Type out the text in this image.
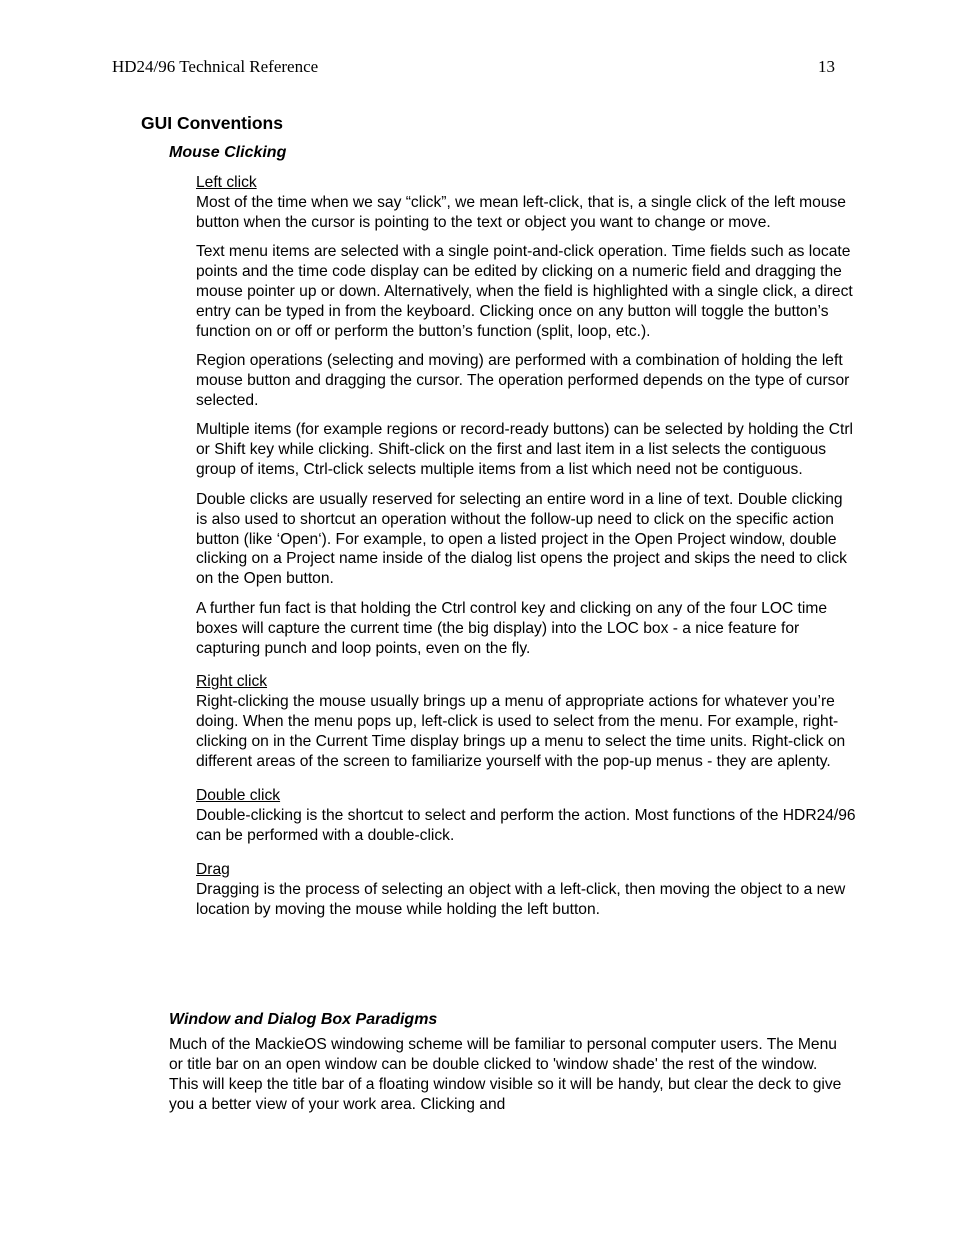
HD24/96 Technical Reference	13
GUI Conventions
Mouse Clicking
Left click

Most of the time when we say “click”, we mean left-click, that is, a single click of the left mouse button when the cursor is pointing to the text or object you want to change or move.

Text menu items are selected with a single point-and-click operation. Time fields such as locate points and the time code display can be edited by clicking on a numeric field and dragging the mouse pointer up or down. Alternatively, when the field is highlighted with a single click, a direct entry can be typed in from the keyboard. Clicking once on any button will toggle the button’s function on or off or perform the button’s function (split, loop, etc.).

Region operations (selecting and moving) are performed with a combination of holding the left mouse button and dragging the cursor. The operation performed depends on the type of cursor selected.

Multiple items (for example regions or record-ready buttons) can be selected by holding the Ctrl or Shift key while clicking. Shift-click on the first and last item in a list selects the contiguous group of items, Ctrl-click selects multiple items from a list which need not be contiguous.

Double clicks are usually reserved for selecting an entire word in a line of text. Double clicking is also used to shortcut an operation without the follow-up need to click on the specific action button (like ‘Open‘). For example, to open a listed project in the Open Project window, double clicking on a Project name inside of the dialog list opens the project and skips the need to click on the Open button.

A further fun fact is that holding the Ctrl control key and clicking on any of the four LOC time boxes will capture the current time (the big display) into the LOC box - a nice feature for capturing punch and loop points, even on the fly.

Right click

Right-clicking the mouse usually brings up a menu of appropriate actions for whatever you’re doing. When the menu pops up, left-click is used to select from the menu. For example, right-clicking on in the Current Time display brings up a menu to select the time units. Right-click on different areas of the screen to familiarize yourself with the pop-up menus - they are aplenty.

Double click

Double-clicking is the shortcut to select and perform the action. Most functions of the HDR24/96 can be performed with a double-click.

Drag

Dragging is the process of selecting an object with a left-click, then moving the object to a new location by moving the mouse while holding the left button.

Window and Dialog Box Paradigms

Much of the MackieOS windowing scheme will be familiar to personal computer users. The Menu or title bar on an open window can be double clicked to 'window shade' the rest of the window. This will keep the title bar of a floating window visible so it will be handy, but clear the deck to give you a better view of your work area. Clicking and
